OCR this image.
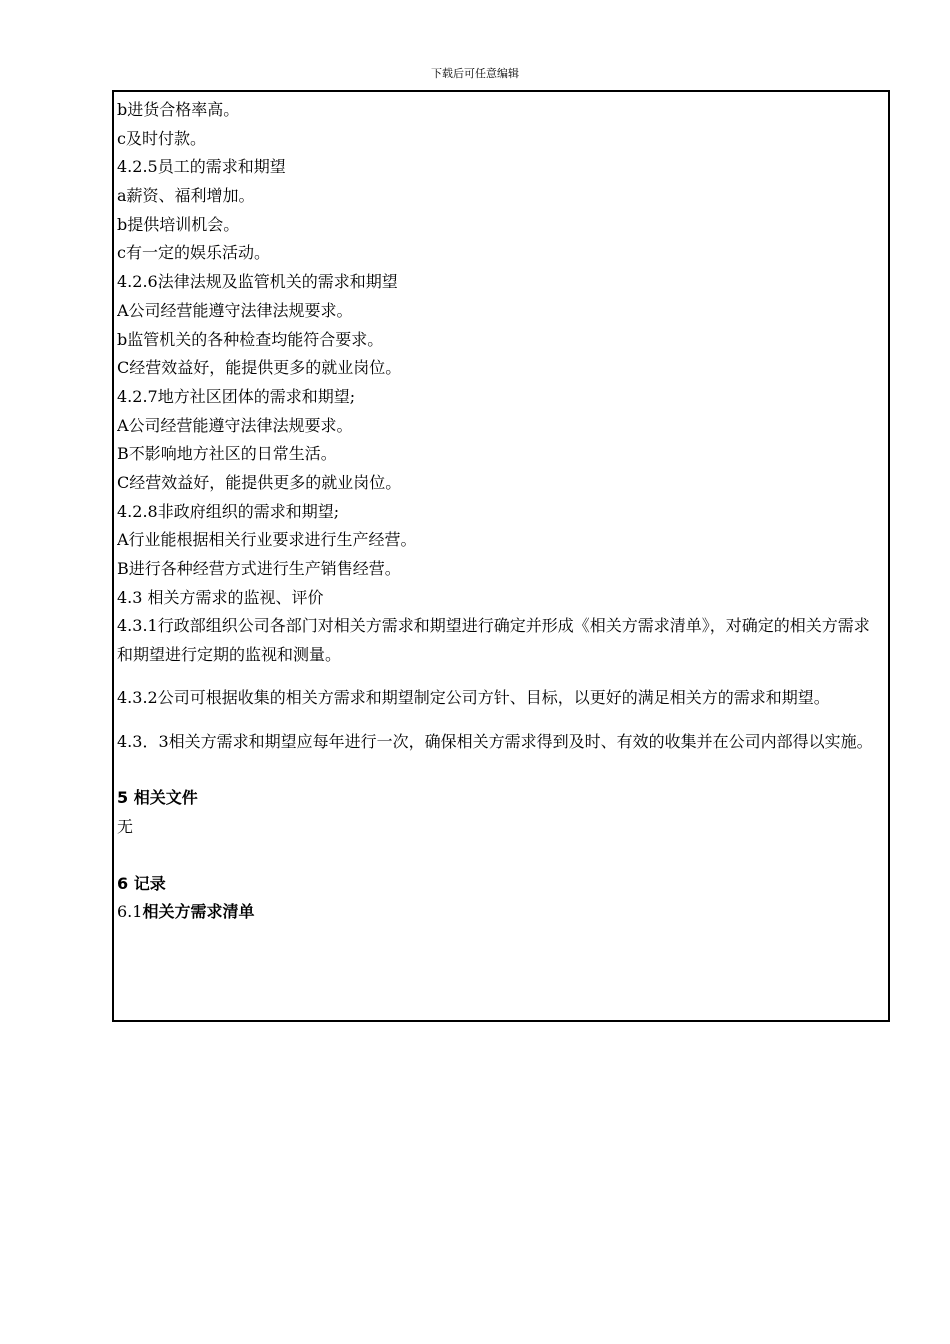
下载后可任意编辑
b进货合格率高。
c及时付款。
4.2.5员工的需求和期望
a薪资、福利增加。
b提供培训机会。
c有一定的娱乐活动。
4.2.6法律法规及监管机关的需求和期望
A公司经营能遵守法律法规要求。
b监管机关的各种检查均能符合要求。
C经营效益好，能提供更多的就业岗位。
4.2.7地方社区团体的需求和期望;
A公司经营能遵守法律法规要求。
B不影响地方社区的日常生活。
C经营效益好，能提供更多的就业岗位。
4.2.8非政府组织的需求和期望;
A行业能根据相关行业要求进行生产经营。
B进行各种经营方式进行生产销售经营。
4.3 相关方需求的监视、评价

4.3.1行政部组织公司各部门对相关方需求和期望进行确定并形成《相关方需求清单》，对确定的相关方需求和期望进行定期的监视和测量。

4.3.2公司可根据收集的相关方需求和期望制定公司方针、目标，以更好的满足相关方的需求和期望。

4.3．3相关方需求和期望应每年进行一次，确保相关方需求得到及时、有效的收集并在公司内部得以实施。

5 相关文件
无
6 记录
6.1相关方需求清单
